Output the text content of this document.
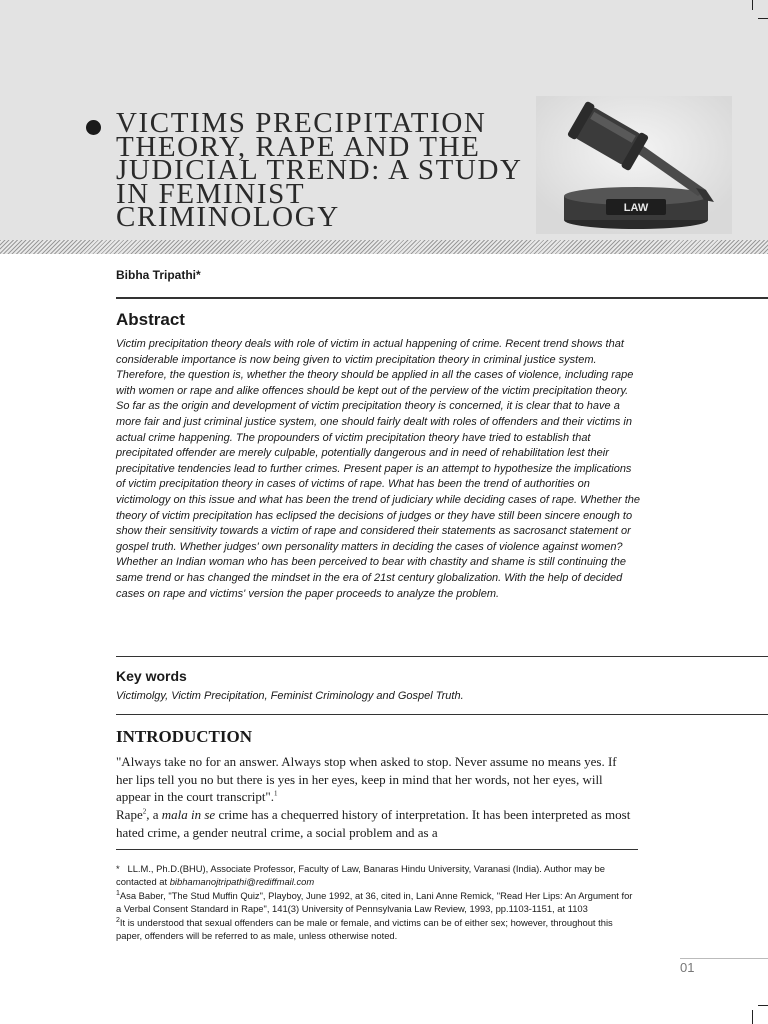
VICTIMS PRECIPITATION THEORY, RAPE AND THE JUDICIAL TREND: A STUDY IN FEMINIST CRIMINOLOGY	LAW
Bibha Tripathi*
Abstract

Victim precipitation theory deals with role of victim in actual happening of crime. Recent trend shows that considerable importance is now being given to victim precipitation theory in criminal justice system. Therefore, the question is, whether the theory should be applied in all the cases of violence, including rape with women or rape and alike offences should be kept out of the perview of the victim precipitation theory. So far as the origin and development of victim precipitation theory is concerned, it is clear that to have a more fair and just criminal justice system, one should fairly dealt with roles of offenders and their victims in actual crime happening. The propounders of victim precipitation theory have tried to establish that precipitated offender are merely culpable, potentially dangerous and in need of rehabilitation lest their precipitative tendencies lead to further crimes. Present paper is an attempt to hypothesize the implications of victim precipitation theory in cases of victims of rape. What has been the trend of authorities on victimology on this issue and what has been the trend of judiciary while deciding cases of rape. Whether the theory of victim precipitation has eclipsed the decisions of judges or they have still been sincere enough to show their sensitivity towards a victim of rape and considered their statements as sacrosanct statement or gospel truth. Whether judges' own personality matters in deciding the cases of violence against women? Whether an Indian woman who has been perceived to bear with chastity and shame is still continuing the same trend or has changed the mindset in the era of 21st century globalization. With the help of decided cases on rape and victims' version the paper proceeds to analyze the problem.

Key words

Victimolgy, Victim Precipitation, Feminist Criminology and Gospel Truth.

INTRODUCTION

"Always take no for an answer. Always stop when asked to stop. Never assume no means yes. If her lips tell you no but there is yes in her eyes, keep in mind that her words, not her eyes, will appear in the court transcript".$^1$

Rape$^2$, a mala in se crime has a chequerred history of interpretation. It has been interpreted as most hated crime, a gender neutral crime, a social problem and as a

* LL.M., Ph.D.(BHU), Associate Professor, Faculty of Law, Banaras Hindu University, Varanasi (India). Author may be contacted at bibhamanojtripathi@rediffmail.com

$^1$Asa Baber, "The Stud Muffin Quiz", Playboy, June 1992, at 36, cited in, Lani Anne Remick, "Read Her Lips: An Argument for a Verbal Consent Standard in Rape", 141(3) University of Pennsylvania Law Review, 1993, pp.1103-1151, at 1103

$^2$It is understood that sexual offenders can be male or female, and victims can be of either sex; however, throughout this paper, offenders will be referred to as male, unless otherwise noted.

01
